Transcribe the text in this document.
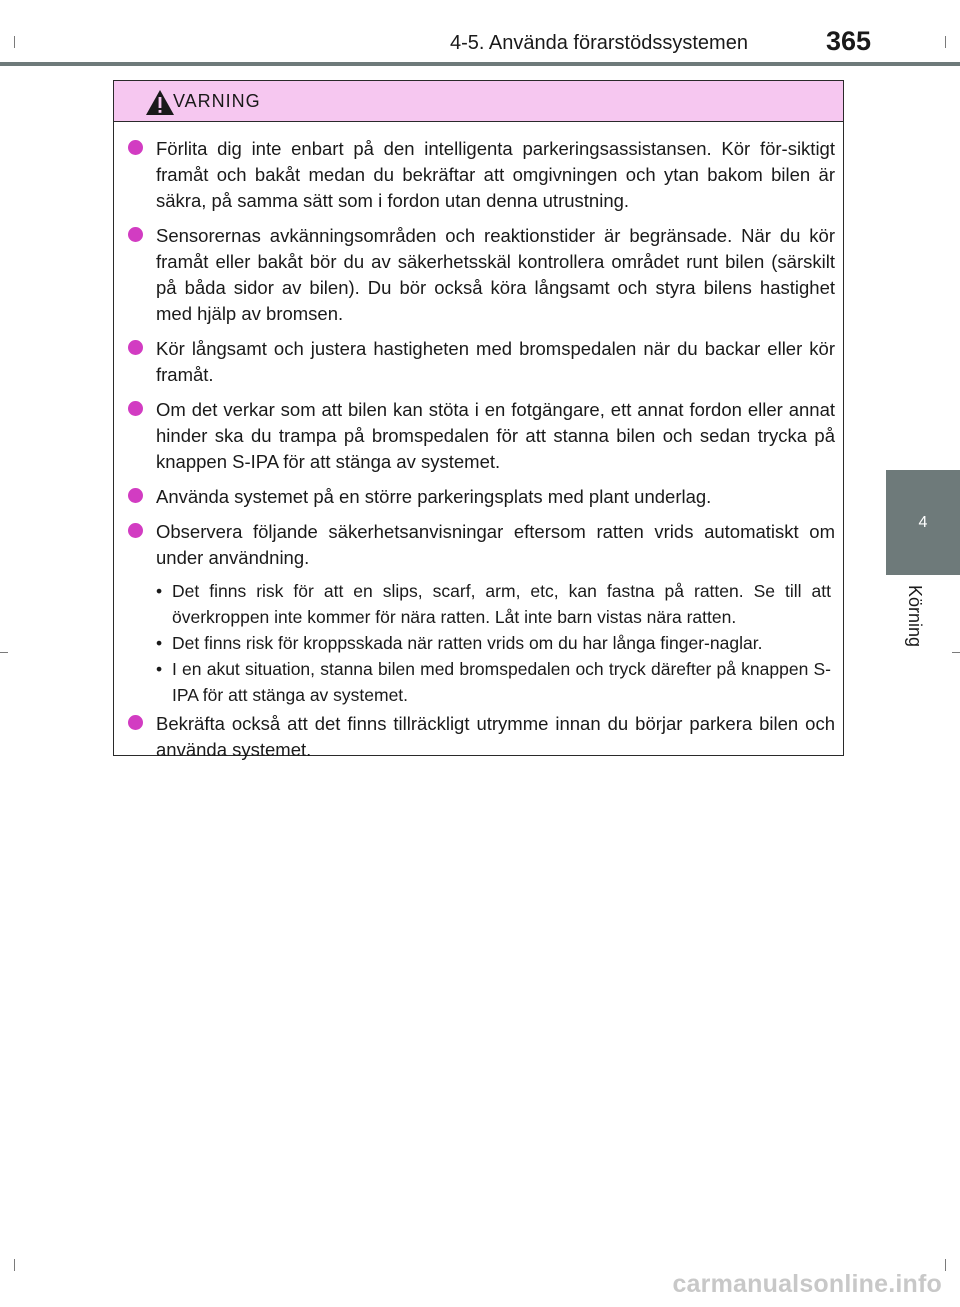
4-5. Använda förarstödssystemen	365
4
Körning
VARNING
Förlita dig inte enbart på den intelligenta parkeringsassistansen. Kör för-siktigt framåt och bakåt medan du bekräftar att omgivningen och ytan bakom bilen är säkra, på samma sätt som i fordon utan denna utrustning.
Sensorernas avkänningsområden och reaktionstider är begränsade. När du kör framåt eller bakåt bör du av säkerhetsskäl kontrollera området runt bilen (särskilt på båda sidor av bilen). Du bör också köra långsamt och styra bilens hastighet med hjälp av bromsen.
Kör långsamt och justera hastigheten med bromspedalen när du backar eller kör framåt.
Om det verkar som att bilen kan stöta i en fotgängare, ett annat fordon eller annat hinder ska du trampa på bromspedalen för att stanna bilen och sedan trycka på knappen S-IPA för att stänga av systemet.
Använda systemet på en större parkeringsplats med plant underlag.
Observera följande säkerhetsanvisningar eftersom ratten vrids automatiskt om under användning.
• Det finns risk för att en slips, scarf, arm, etc, kan fastna på ratten. Se till att överkroppen inte kommer för nära ratten. Låt inte barn vistas nära ratten.
• Det finns risk för kroppsskada när ratten vrids om du har långa finger-naglar.
• I en akut situation, stanna bilen med bromspedalen och tryck därefter på knappen S-IPA för att stänga av systemet.
Bekräfta också att det finns tillräckligt utrymme innan du börjar parkera bilen och använda systemet.
carmanualsonline.info
